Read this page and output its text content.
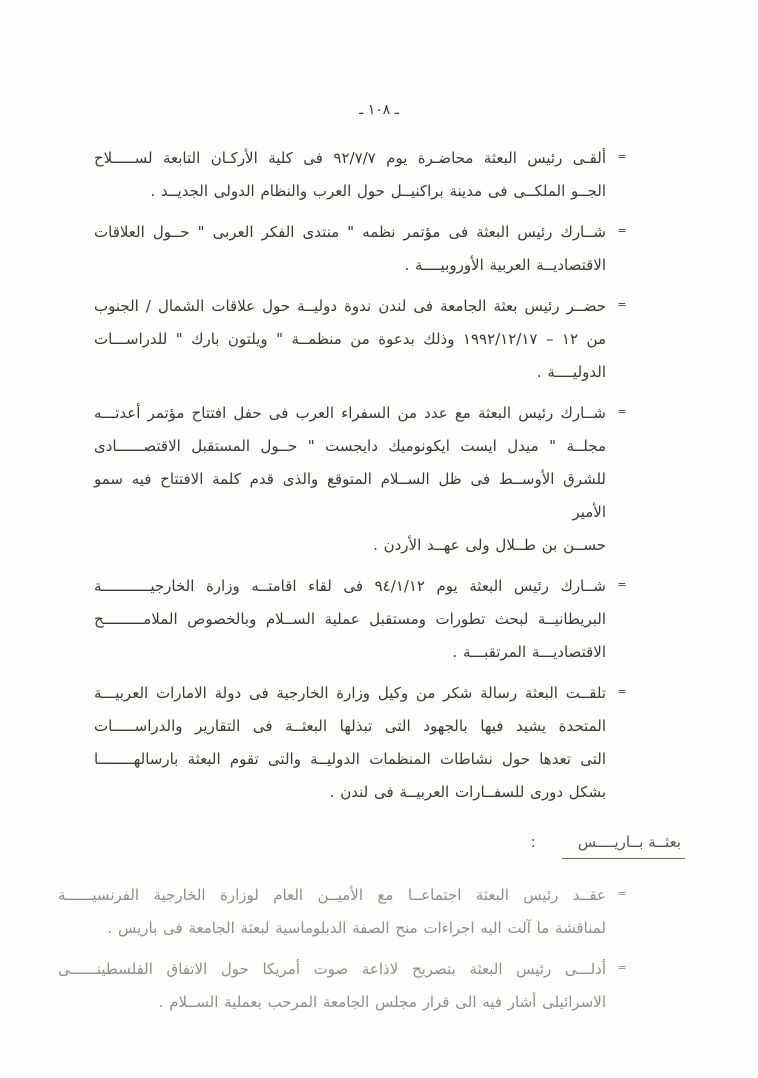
ـ ١٠٨ ـ
=
ألقـى رئيس البعثة محاضـرة يوم ٩٢/٧/٧ فى كلية الأركـان التابعة لســـــلاح
الجــو الملكــى فى مدينة براكنيــل حول العرب والنظام الدولى الجديــد .
=
شــارك رئيس البعثة فى مؤتمر نظمه " منتدى الفكر العربى " حــول العلاقات
الاقتصاديــة العربية الأوروبيــــة .
=
حضــر رئيس بعثة الجامعة فى لندن ندوة دوليــة حول علاقات الشمال / الجنوب
من ١٢ – ١٩٩٢/١٢/١٧ وذلك بدعوة من منظمــة " ويلتون بارك " للدراســـات
الدوليــــة .
=
شــارك رئيس البعثة مع عدد من السفراء العرب فى حفل افتتاح مؤتمر أعدتـــه
مجلــة " ميدل ايست ايكونوميك دايجست " حــول المستقبل الاقتصــــــادى
للشرق الأوســط فى ظل الســلام المتوقع والذى قدم كلمة الافتتاح فيه سمو الأمير
حســن بن طــلال ولى عهــد الأردن .
=
شــارك رئيس البعثة يوم ٩٤/١/١٢ فى لقاء اقامتــه وزارة الخارجيـــــــــــة
البريطانيــة لبحث تطورات ومستقبل عملية الســلام وبالخصوص الملامـــــــــح
الاقتصاديـــة المرتقبـــة .
=
تلقــت البعثة رسالة شكر من وكيل وزارة الخارجية فى دولة الامارات العربيـــة
المتحدة يشيد فيها بالجهود التى تبذلها البعثــة فى التقارير والدراســـــات
التى تعدها حول نشاطات المنظمات الدوليــة والتى تقوم البعثة بارسالهــــــــا
بشكل دورى للسفــارات العربيــة فى لندن .
بعثــة بــاريــــس:
=
عقــد رئيس البعثة اجتماعــا مع الأميــن العام لوزارة الخارجية الفرنسيــــــة
لمناقشة ما آلت اليه اجراءات منح الصفة الدبلوماسية لبعثة الجامعة فى باريس .
=
أدلـــى رئيس البعثة بتصريح لاذاعة صوت أمريكا حول الاتفاق الفلسطينــــــى
الاسرائيلى أشار فيه الى قرار مجلس الجامعة المرحب بعملية الســلام .
